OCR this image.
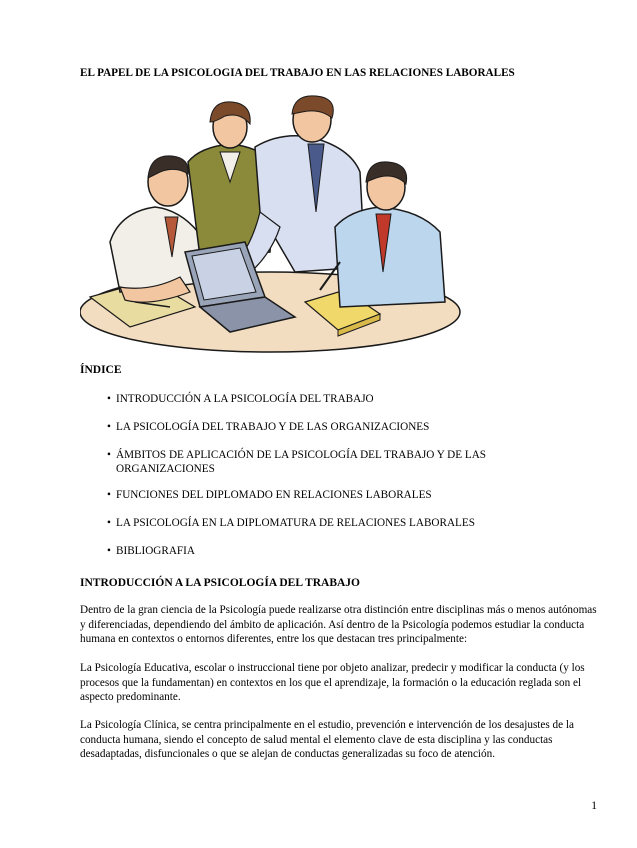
EL PAPEL DE LA PSICOLOGIA DEL TRABAJO EN LAS RELACIONES LABORALES
ÍNDICE
• INTRODUCCIÓN A LA PSICOLOGÍA DEL TRABAJO
• LA PSICOLOGÍA DEL TRABAJO Y DE LAS ORGANIZACIONES
• ÁMBITOS DE APLICACIÓN DE LA PSICOLOGÍA DEL TRABAJO Y DE LAS ORGANIZACIONES
• FUNCIONES DEL DIPLOMADO EN RELACIONES LABORALES
• LA PSICOLOGÍA EN LA DIPLOMATURA DE RELACIONES LABORALES
• BIBLIOGRAFIA
INTRODUCCIÓN A LA PSICOLOGÍA DEL TRABAJO
Dentro de la gran ciencia de la Psicología puede realizarse otra distinción entre disciplinas más o menos autónomas y diferenciadas, dependiendo del ámbito de aplicación. Así dentro de la Psicología podemos estudiar la conducta humana en contextos o entornos diferentes, entre los que destacan tres principalmente:
La Psicología Educativa, escolar o instruccional tiene por objeto analizar, predecir y modificar la conducta (y los procesos que la fundamentan) en contextos en los que el aprendizaje, la formación o la educación reglada son el aspecto predominante.
La Psicología Clínica, se centra principalmente en el estudio, prevención e intervención de los desajustes de la conducta humana, siendo el concepto de salud mental el elemento clave de esta disciplina y las conductas desadaptadas, disfuncionales o que se alejan de conductas generalizadas su foco de atención.
1
